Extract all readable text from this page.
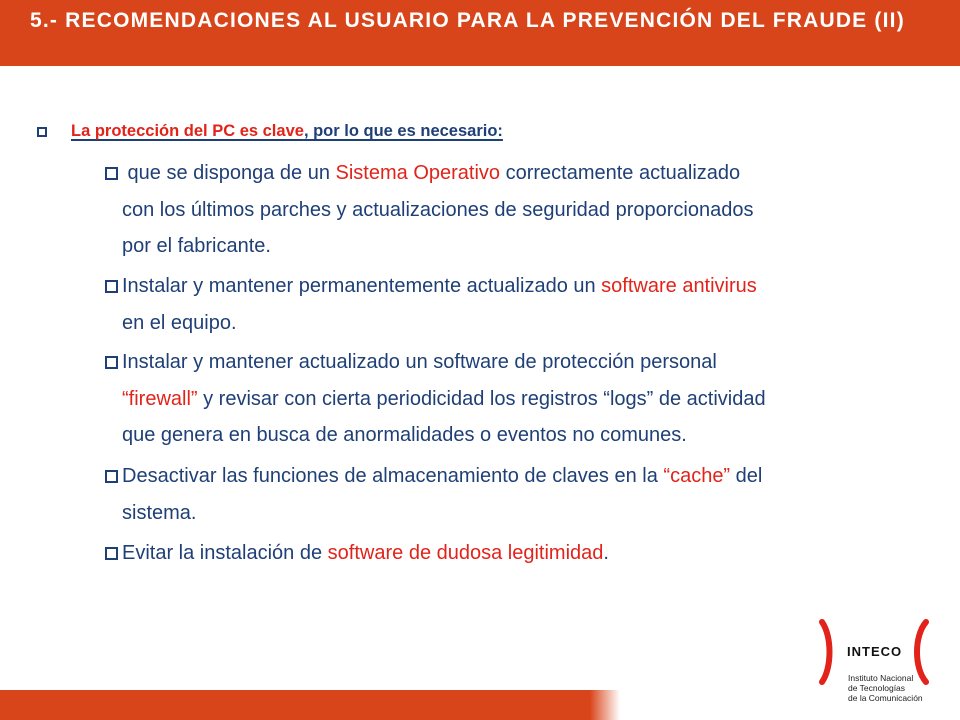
5.- RECOMENDACIONES AL USUARIO PARA LA PREVENCIÓN DEL FRAUDE (II)
La protección del PC es clave, por lo que es necesario:
que se disponga de un Sistema Operativo correctamente actualizado
con los últimos parches y actualizaciones de seguridad proporcionados
por el fabricante.
Instalar y mantener permanentemente actualizado un software antivirus
en el equipo.
Instalar y mantener actualizado un software de protección personal
“firewall” y revisar con cierta periodicidad los registros “logs” de actividad
que genera en busca de anormalidades o eventos no comunes.
Desactivar las funciones de almacenamiento de claves en la “cache” del
sistema.
Evitar la instalación de software de dudosa legitimidad.
INTECO
Instituto Nacional
de Tecnologías
de la Comunicación
